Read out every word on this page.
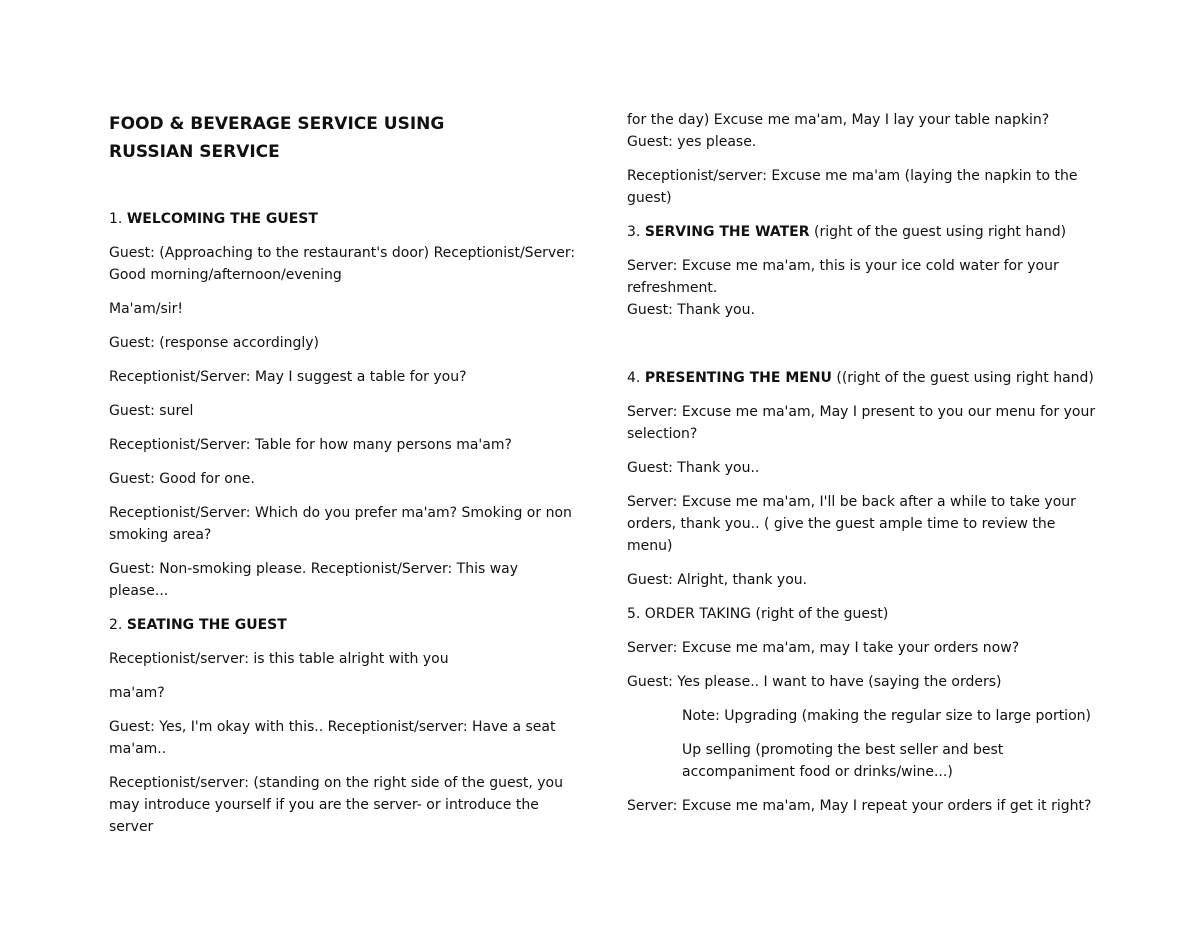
FOOD & BEVERAGE SERVICE USING RUSSIAN SERVICE

1. WELCOMING THE GUEST

Guest: (Approaching to the restaurant's door) Receptionist/Server: Good morning/afternoon/evening

Ma'am/sir!

Guest: (response accordingly)

Receptionist/Server: May I suggest a table for you?

Guest: surel

Receptionist/Server: Table for how many persons ma'am?

Guest: Good for one.

Receptionist/Server: Which do you prefer ma'am? Smoking or non smoking area?

Guest: Non-smoking please. Receptionist/Server: This way please...

2. SEATING THE GUEST

Receptionist/server: is this table alright with you

ma'am?

Guest: Yes, I'm okay with this.. Receptionist/server: Have a seat ma'am..

Receptionist/server: (standing on the right side of the guest, you may introduce yourself if you are the server- or introduce the server

for the day) Excuse me ma'am, May I lay your table napkin?

Guest: yes please.

Receptionist/server: Excuse me ma'am (laying the napkin to the guest)

3. SERVING THE WATER (right of the guest using right hand)

Server: Excuse me ma'am, this is your ice cold water for your refreshment.

Guest: Thank you.

4. PRESENTING THE MENU ((right of the guest using right hand)

Server: Excuse me ma'am, May I present to you our menu for your selection?

Guest: Thank you..

Server: Excuse me ma'am, I'll be back after a while to take your orders, thank you.. ( give the guest ample time to review the menu)

Guest: Alright, thank you.

5. ORDER TAKING (right of the guest)

Server: Excuse me ma'am, may I take your orders now?

Guest: Yes please.. I want to have (saying the orders)

Note: Upgrading (making the regular size to large portion)

Up selling (promoting the best seller and best accompaniment food or drinks/wine...)

Server: Excuse me ma'am, May I repeat your orders if get it right?
